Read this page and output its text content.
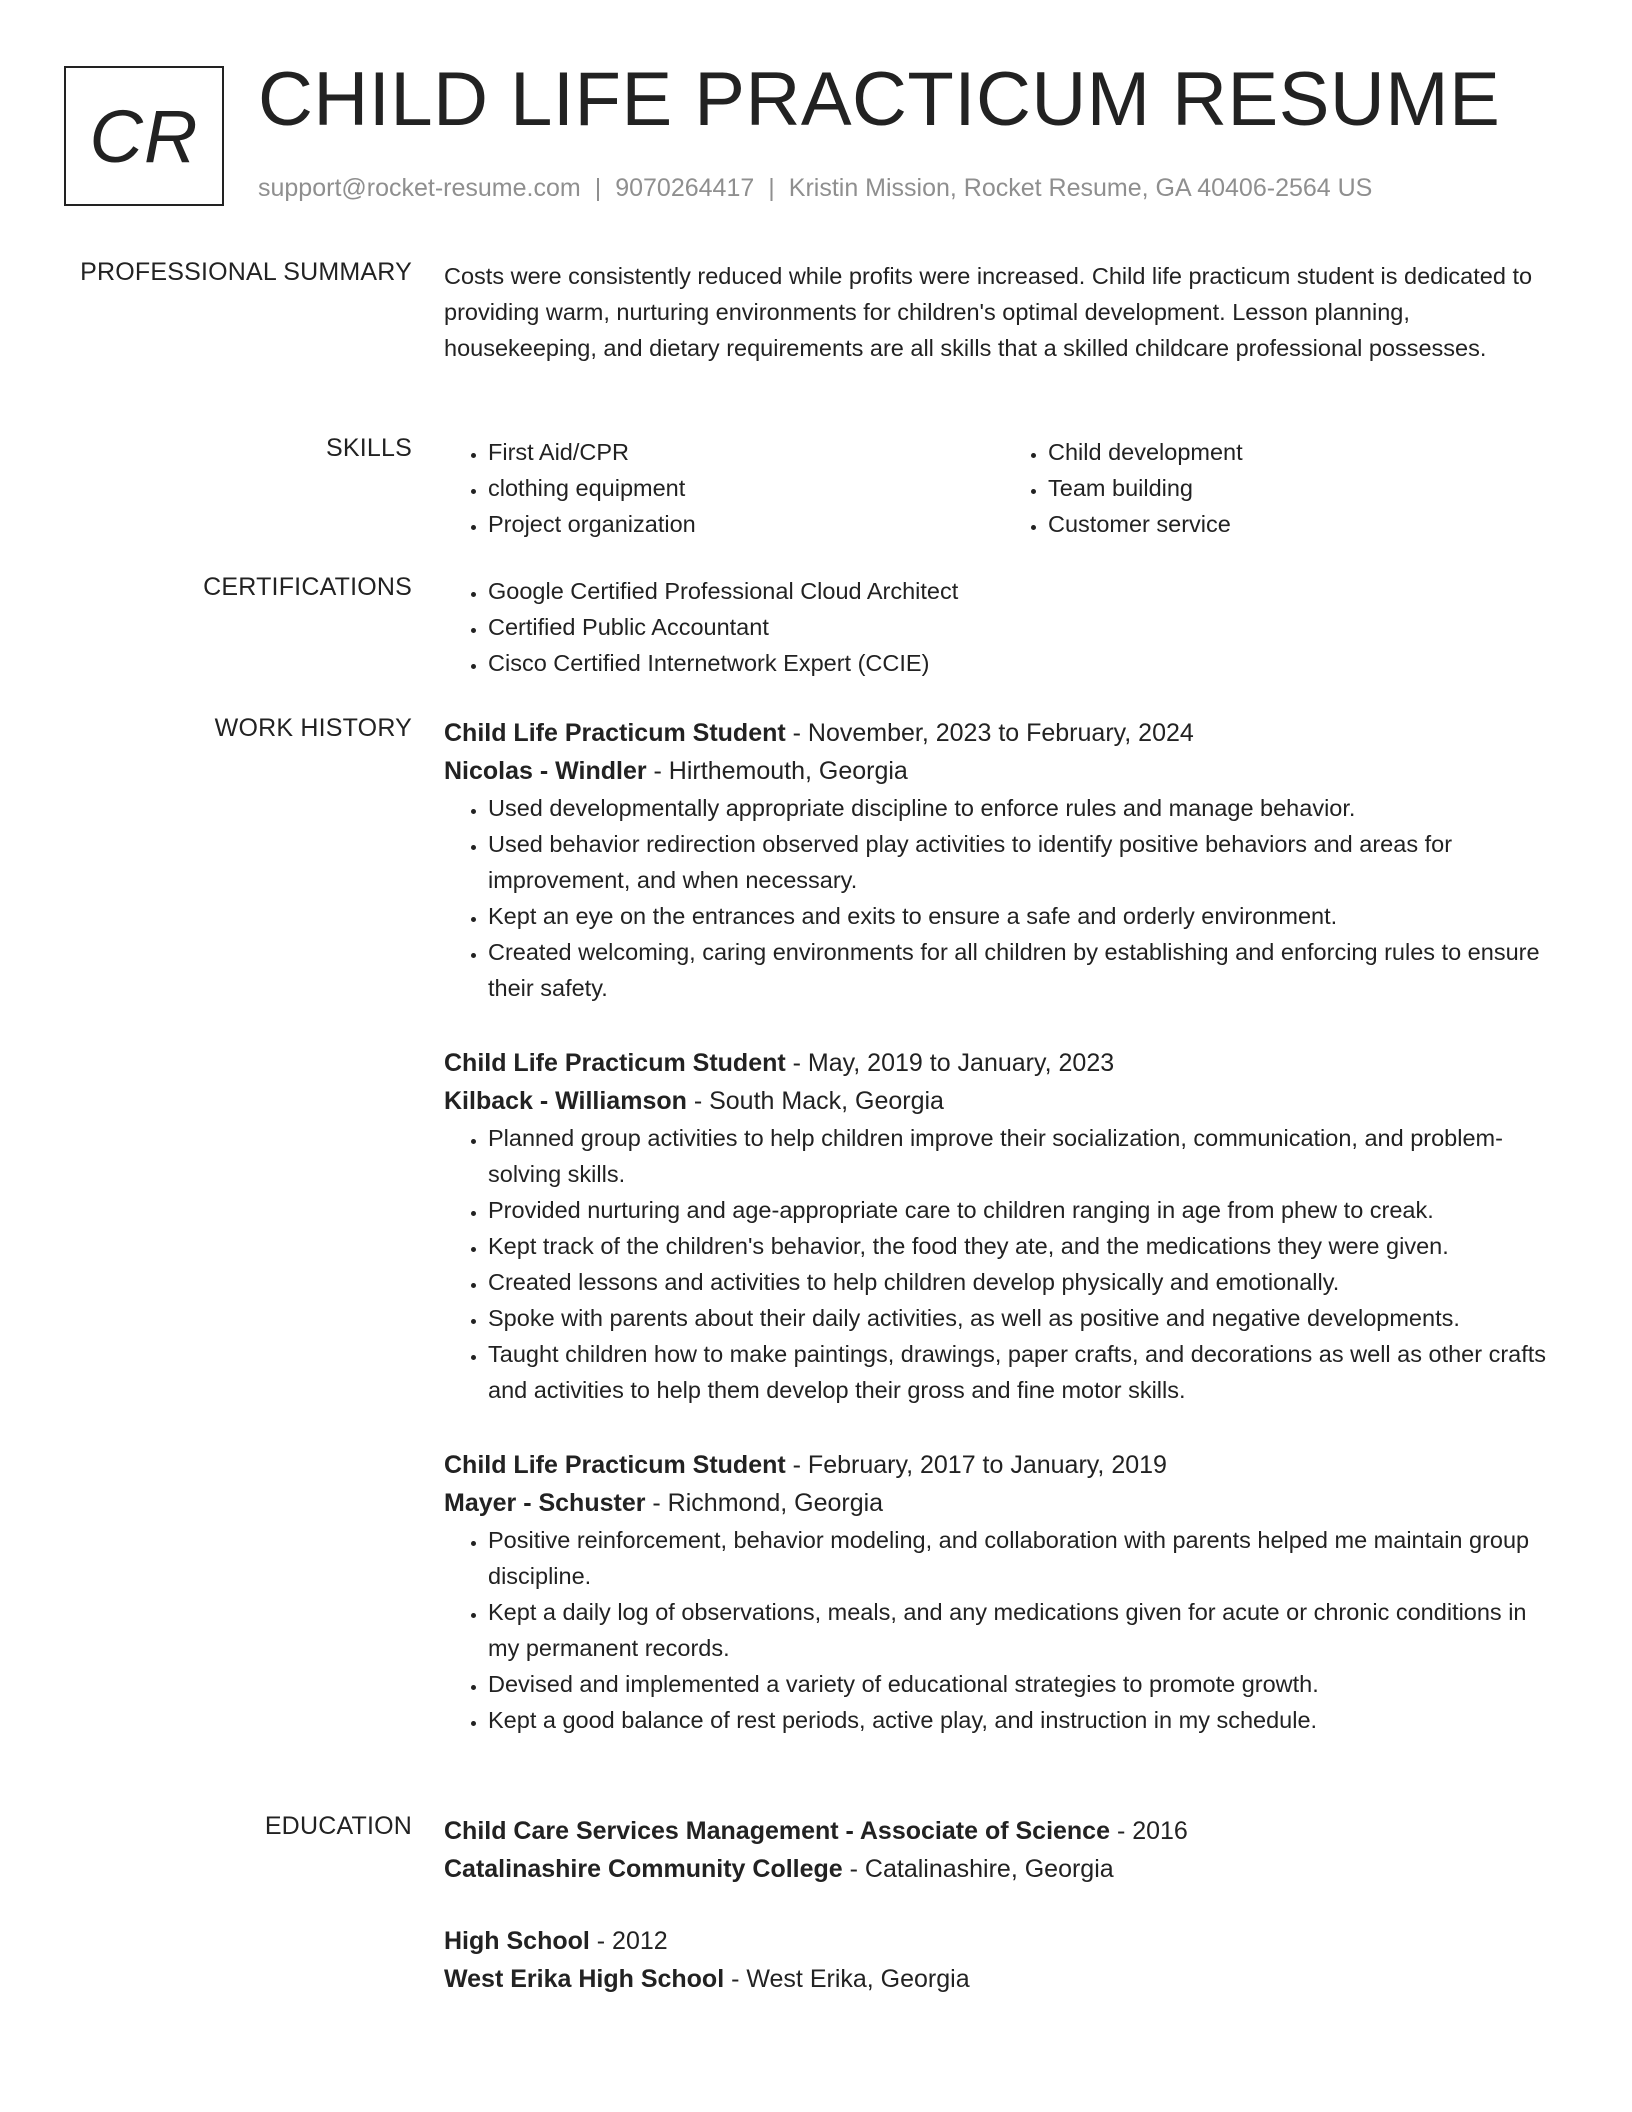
CR CHILD LIFE PRACTICUM RESUME
support@rocket-resume.com | 9070264417 | Kristin Mission, Rocket Resume, GA 40406-2564 US
PROFESSIONAL SUMMARY Costs were consistently reduced while profits were increased. Child life practicum student is dedicated to providing warm, nurturing environments for children's optimal development. Lesson planning, housekeeping, and dietary requirements are all skills that a skilled childcare professional possesses.
SKILLS	• First Aid/CPR
• clothing equipment
• Project organization
• Child development
• Team building
• Customer service
CERTIFICATIONS	• Google Certified Professional Cloud Architect
• Certified Public Accountant
• Cisco Certified Internetwork Expert (CCIE)
WORK HISTORY Child Life Practicum Student - November, 2023 to February, 2024
Nicolas - Windler - Hirthemouth, Georgia
• Used developmentally appropriate discipline to enforce rules and manage behavior.
• Used behavior redirection observed play activities to identify positive behaviors and areas for improvement, and when necessary.
• Kept an eye on the entrances and exits to ensure a safe and orderly environment.
• Created welcoming, caring environments for all children by establishing and enforcing rules to ensure their safety.
Child Life Practicum Student - May, 2019 to January, 2023
Kilback - Williamson - South Mack, Georgia
• Planned group activities to help children improve their socialization, communication, and problem-solving skills.
• Provided nurturing and age-appropriate care to children ranging in age from phew to creak.
• Kept track of the children's behavior, the food they ate, and the medications they were given.
• Created lessons and activities to help children develop physically and emotionally.
• Spoke with parents about their daily activities, as well as positive and negative developments.
• Taught children how to make paintings, drawings, paper crafts, and decorations as well as other crafts and activities to help them develop their gross and fine motor skills.
Child Life Practicum Student - February, 2017 to January, 2019
Mayer - Schuster - Richmond, Georgia
• Positive reinforcement, behavior modeling, and collaboration with parents helped me maintain group discipline.
• Kept a daily log of observations, meals, and any medications given for acute or chronic conditions in my permanent records.
• Devised and implemented a variety of educational strategies to promote growth.
• Kept a good balance of rest periods, active play, and instruction in my schedule.
EDUCATION Child Care Services Management - Associate of Science - 2016
Catalinashire Community College - Catalinashire, Georgia
High School - 2012
West Erika High School - West Erika, Georgia
